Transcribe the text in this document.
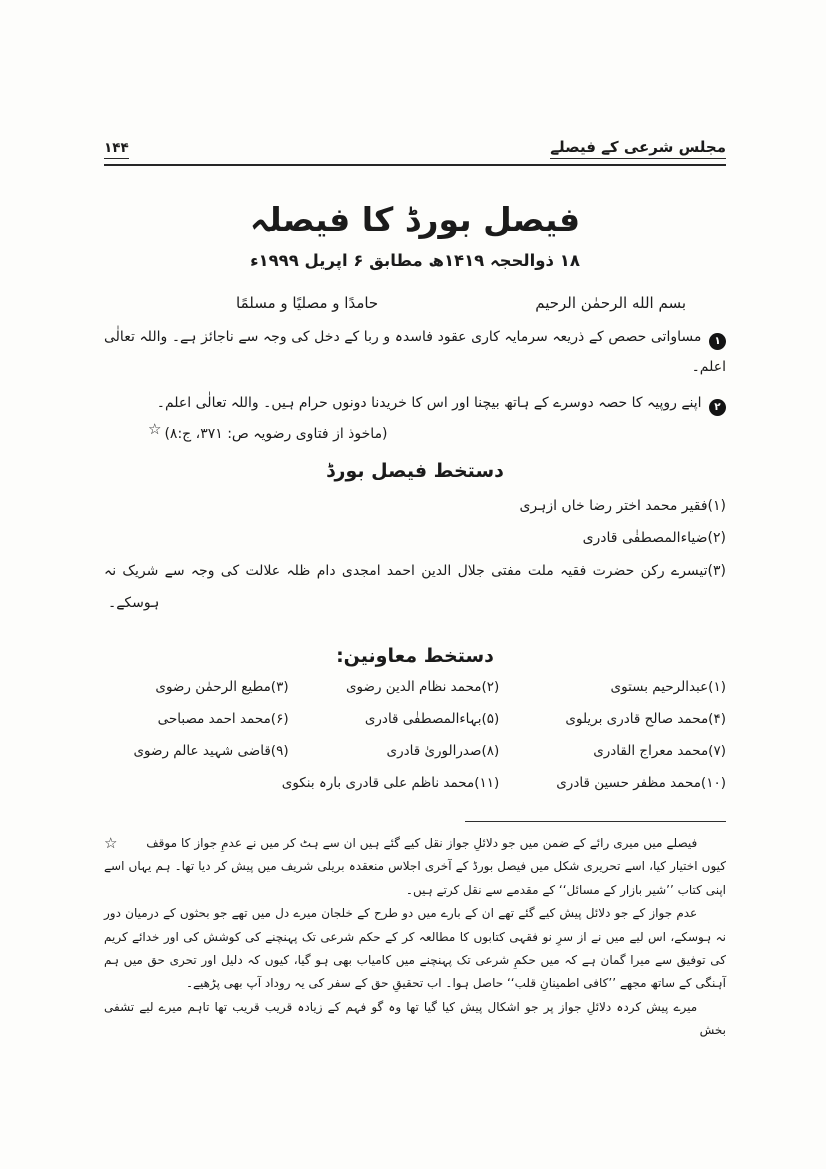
مجلس شرعی کے فیصلے
۱۴۴
فیصل بورڈ کا فیصلہ
۱۸ ذوالحجہ ۱۴۱۹ھ مطابق ۶ اپریل ۱۹۹۹ء
بسم الله الرحمٰن الرحیم
حامدًا و مصلیًا و مسلمًا

۱ مساواتی حصص کے ذریعہ سرمایہ کاری عقود فاسدہ و ربا کے دخل کی وجہ سے ناجائز ہے۔ واللہ تعالٰی اعلم۔

۲ اپنے روپیہ کا حصہ دوسرے کے ہاتھ بیچنا اور اس کا خریدنا دونوں حرام ہیں۔ واللہ تعالٰی اعلم۔

(ماخوذ از فتاوی رضویہ ص: ۳۷۱، ج:۸)☆
دستخط فیصل بورڈ
(۱)فقیر محمد اختر رضا خاں ازہری
(۲)ضیاءالمصطفٰی قادری
(۳)تیسرے رکن حضرت فقیہ ملت مفتی جلال الدین احمد امجدی دام ظلہ علالت کی وجہ سے شریک نہ
ہوسکے۔
دستخط معاونین:
(۱)عبدالرحیم بستوی
(۲)محمد نظام الدین رضوی
(۳)مطیع الرحمٰن رضوی
(۴)محمد صالح قادری بریلوی
(۵)بہاءالمصطفٰی قادری
(۶)محمد احمد مصباحی
(۷)محمد معراج القادری
(۸)صدرالوریٰ قادری
(۹)قاضی شہید عالم رضوی
(۱۰)محمد مظفر حسین قادری
(۱۱)محمد ناظم علی قادری بارہ بنکوی

☆	فیصلے میں میری رائے کے ضمن میں جو دلائلِ جواز نقل کیے گئے ہیں ان سے ہٹ کر میں نے عدمِ جواز کا موقف کیوں اختیار کیا، اسے تحریری شکل میں فیصل بورڈ کے آخری اجلاس منعقدہ بریلی شریف میں پیش کر دیا تھا۔ ہم یہاں اسے اپنی کتاب ’’شیر بازار کے مسائل‘‘ کے مقدمے سے نقل کرتے ہیں۔

عدم جواز کے جو دلائل پیش کیے گئے تھے ان کے بارے میں دو طرح کے خلجان میرے دل میں تھے جو بحثوں کے درمیان دور نہ ہوسکے، اس لیے میں نے از سرِ نو فقہی کتابوں کا مطالعہ کر کے حکم شرعی تک پہنچنے کی کوشش کی اور خدائے کریم کی توفیق سے میرا گمان ہے کہ میں حکمِ شرعی تک پہنچنے میں کامیاب بھی ہو گیا، کیوں کہ دلیل اور تحری حق میں ہم آہنگی کے ساتھ مجھے ’’کافی اطمینانِ قلب‘‘ حاصل ہوا۔ اب تحقیقِ حق کے سفر کی یہ روداد آپ بھی پڑھیے۔

میرے پیش کردہ دلائلِ جواز پر جو اشکال پیش کیا گیا تھا وہ گو فہم کے زیادہ قریب قریب تھا تاہم میرے لیے تشفی بخش
